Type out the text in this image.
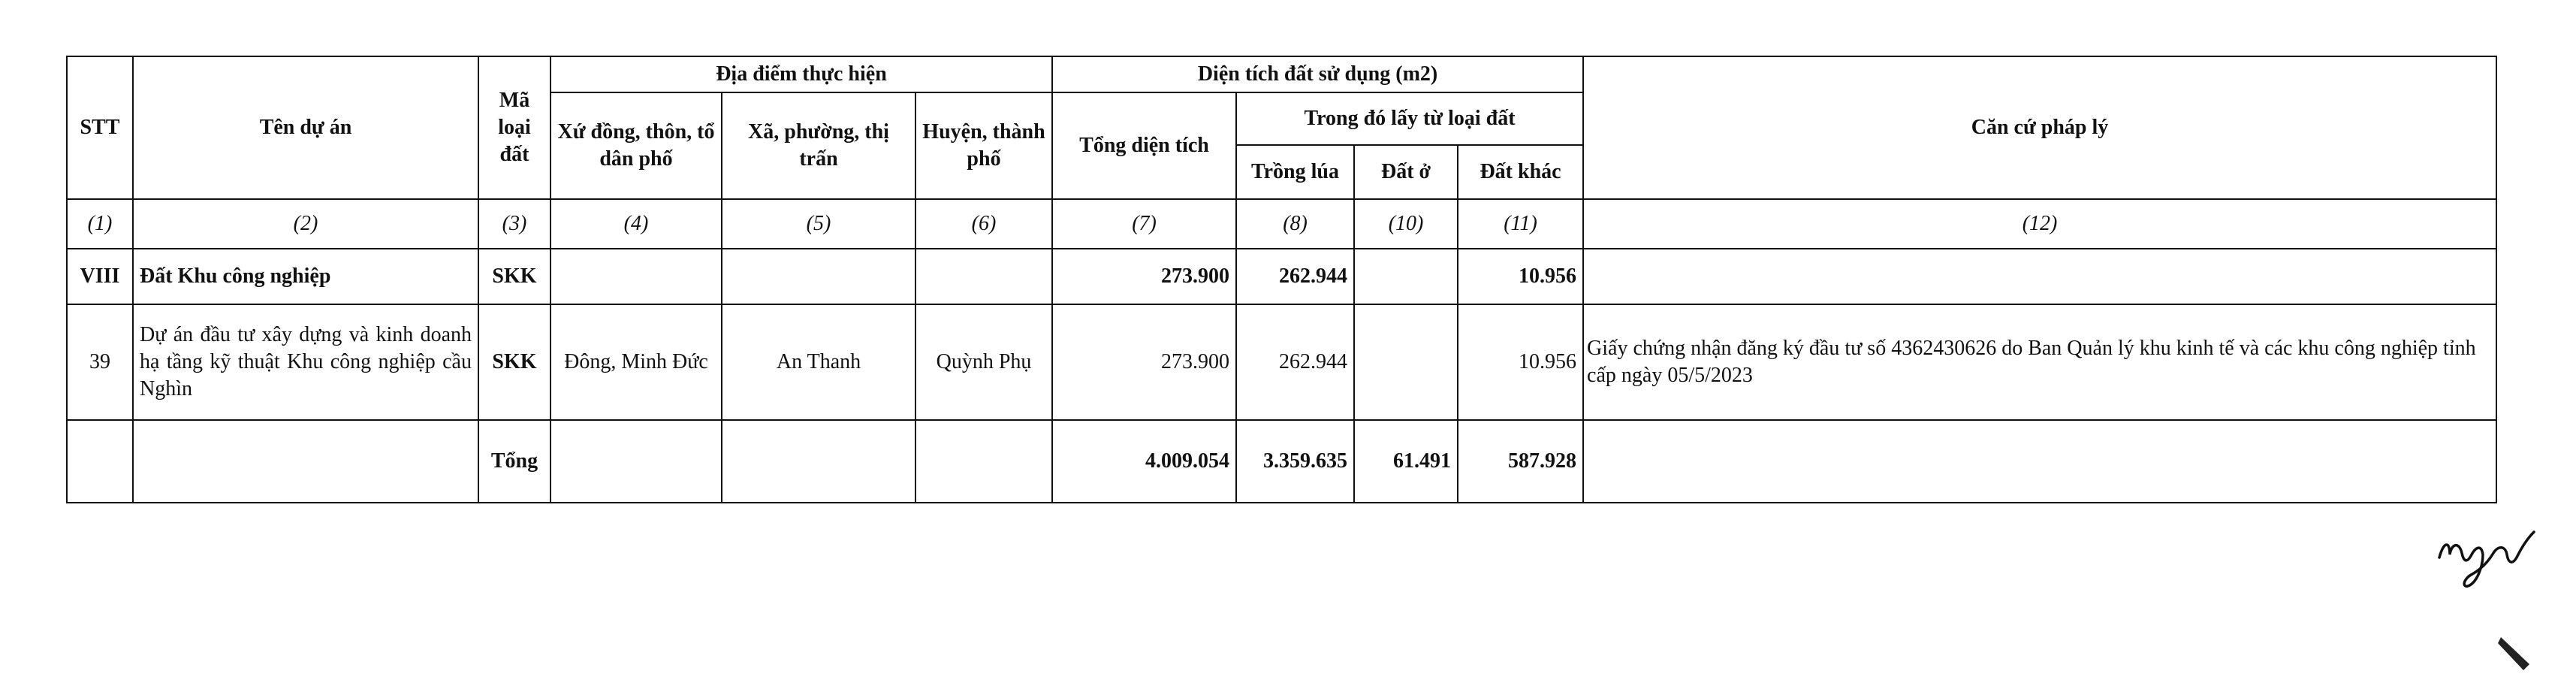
STT	Tên dự án	Mã loại đất	Địa điểm thực hiện			Diện tích đất sử dụng (m2)				Căn cứ pháp lý
			Xứ đồng, thôn, tổ dân phố	Xã, phường, thị trấn	Huyện, thành phố	Tổng diện tích	Trong đó lấy từ loại đất			
							Trồng lúa	Đất ở	Đất khác	
(1)	(2)	(3)	(4)	(5)	(6)	(7)	(8)	(10)	(11)	(12)
VIII	Đất Khu công nghiệp	SKK				273.900	262.944		10.956	
39	Dự án đầu tư xây dựng và kinh doanh hạ tầng kỹ thuật Khu công nghiệp cầu Nghìn	SKK	Đông, Minh Đức	An Thanh	Quỳnh Phụ	273.900	262.944		10.956	Giấy chứng nhận đăng ký đầu tư số 4362430626 do Ban Quản lý khu kinh tế và các khu công nghiệp tỉnh cấp ngày 05/5/2023
		Tổng				4.009.054	3.359.635	61.491	587.928	
